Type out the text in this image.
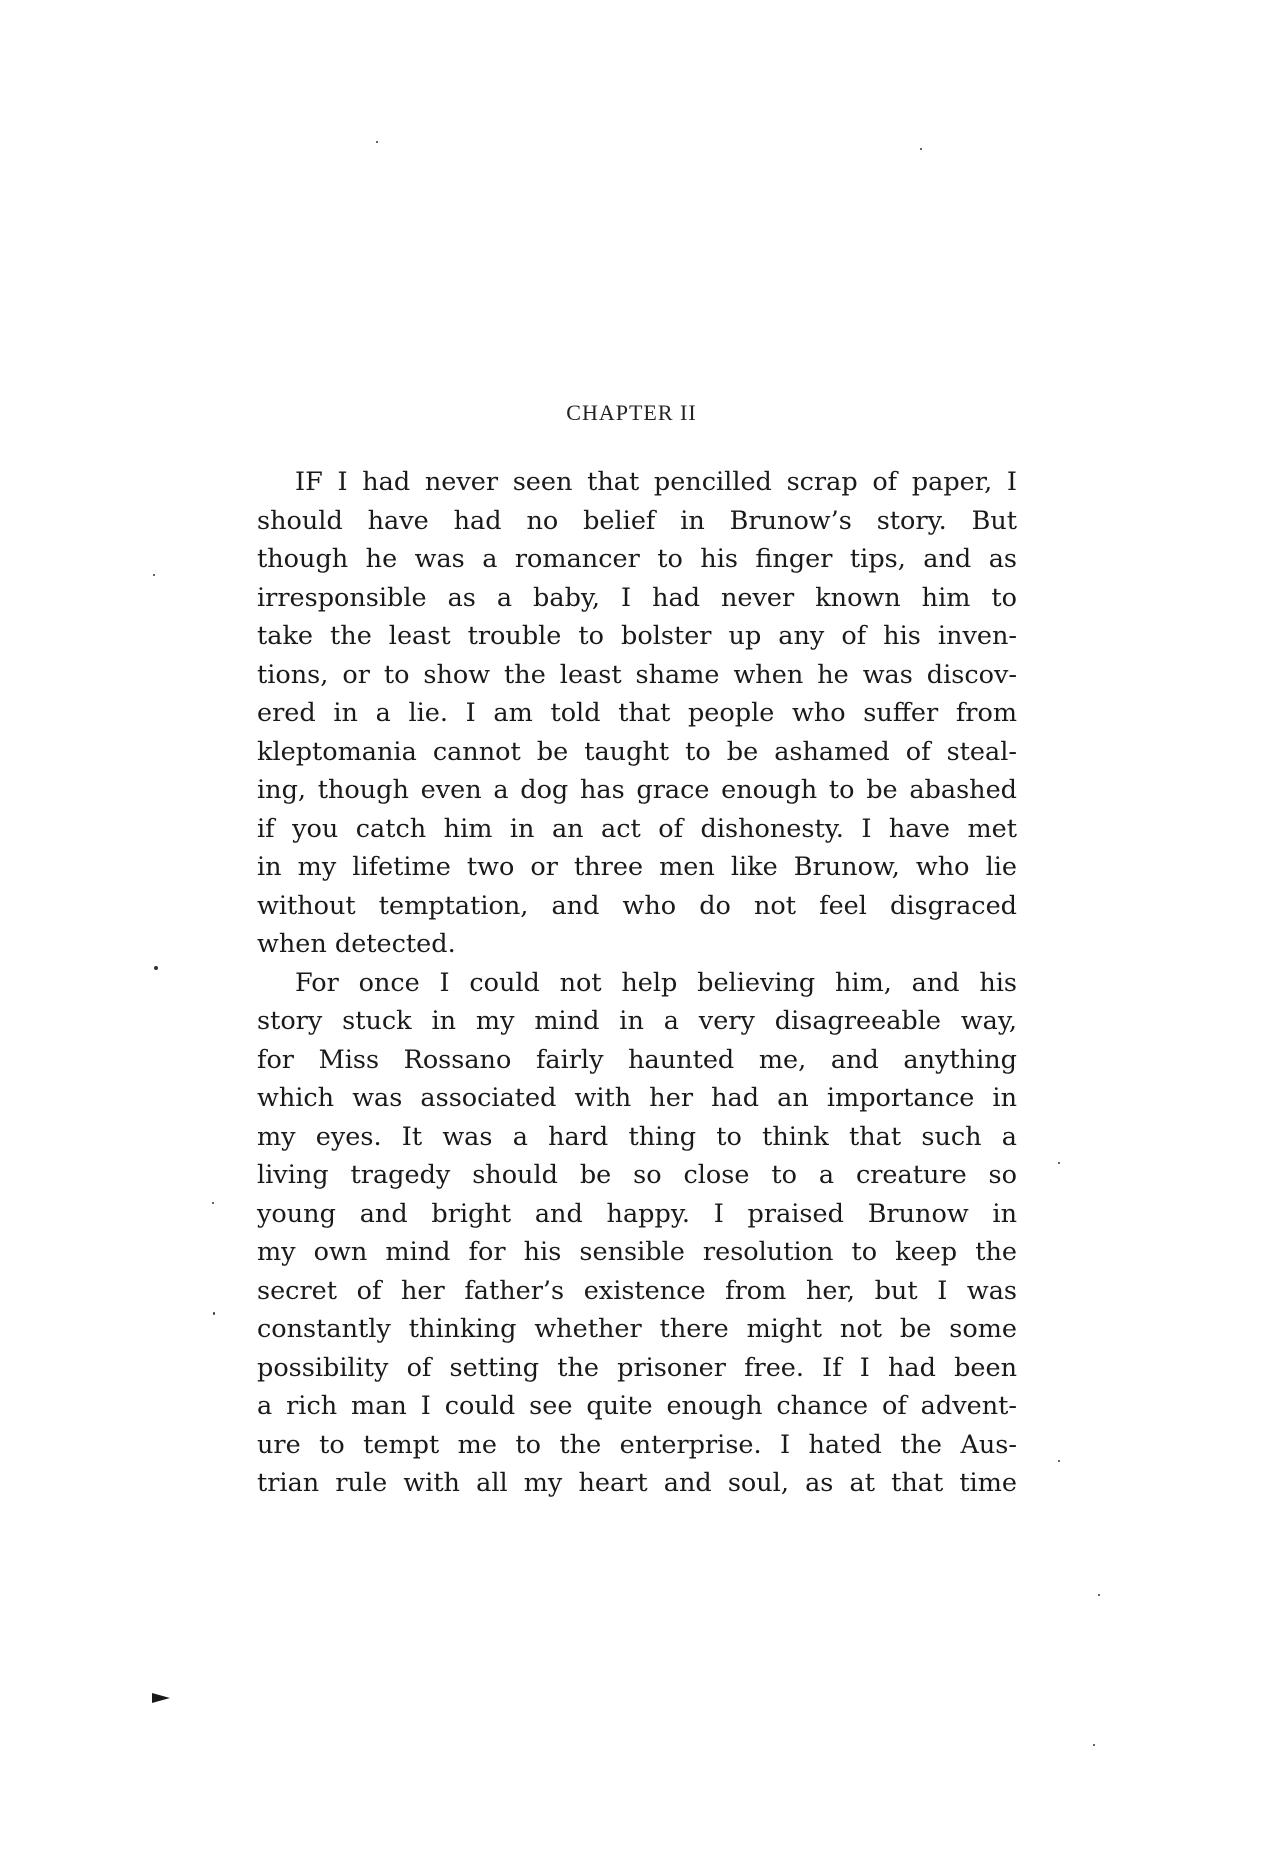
CHAPTER II
IF I had never seen that pencilled scrap of paper, I
should have had no belief in Brunow’s story. But
though he was a romancer to his finger tips, and as
irresponsible as a baby, I had never known him to
take the least trouble to bolster up any of his inven-
tions, or to show the least shame when he was discov-
ered in a lie. I am told that people who suffer from
kleptomania cannot be taught to be ashamed of steal-
ing, though even a dog has grace enough to be abashed
if you catch him in an act of dishonesty. I have met
in my lifetime two or three men like Brunow, who lie
without temptation, and who do not feel disgraced
when detected.
For once I could not help believing him, and his
story stuck in my mind in a very disagreeable way,
for Miss Rossano fairly haunted me, and anything
which was associated with her had an importance in
my eyes. It was a hard thing to think that such a
living tragedy should be so close to a creature so
young and bright and happy. I praised Brunow in
my own mind for his sensible resolution to keep the
secret of her father’s existence from her, but I was
constantly thinking whether there might not be some
possibility of setting the prisoner free. If I had been
a rich man I could see quite enough chance of advent-
ure to tempt me to the enterprise. I hated the Aus-
trian rule with all my heart and soul, as at that time
